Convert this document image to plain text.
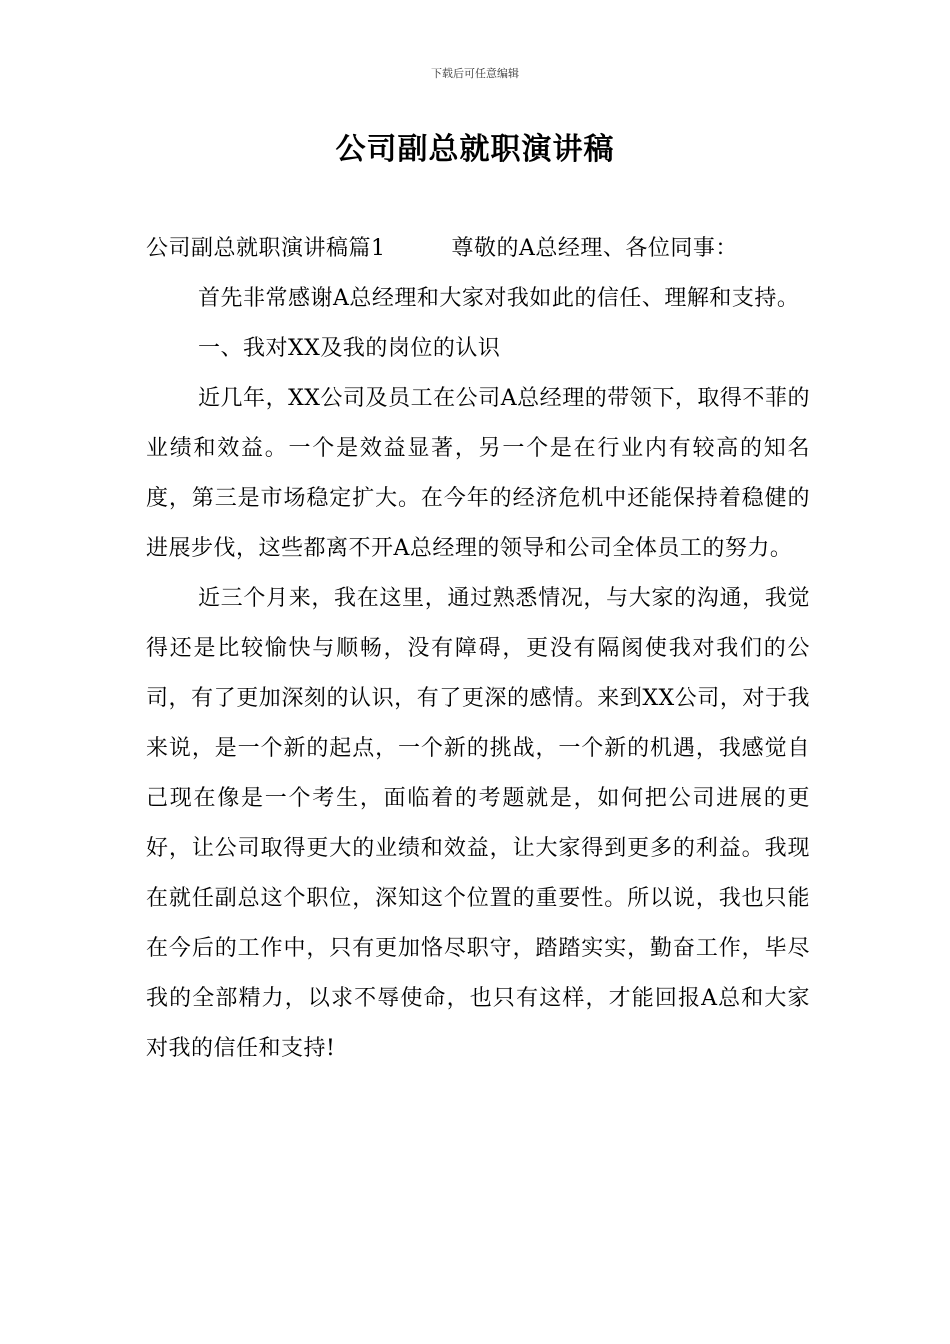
下载后可任意编辑
公司副总就职演讲稿

公司副总就职演讲稿篇1	尊敬的A总经理、各位同事：

首先非常感谢A总经理和大家对我如此的信任、理解和支持。

一、我对XX及我的岗位的认识

近几年，XX公司及员工在公司A总经理的带领下，取得不菲的业绩和效益。一个是效益显著，另一个是在行业内有较高的知名度，第三是市场稳定扩大。在今年的经济危机中还能保持着稳健的进展步伐，这些都离不开A总经理的领导和公司全体员工的努力。

近三个月来，我在这里，通过熟悉情况，与大家的沟通，我觉得还是比较愉快与顺畅，没有障碍，更没有隔阂使我对我们的公司，有了更加深刻的认识，有了更深的感情。来到XX公司，对于我来说，是一个新的起点，一个新的挑战，一个新的机遇，我感觉自己现在像是一个考生，面临着的考题就是，如何把公司进展的更好，让公司取得更大的业绩和效益，让大家得到更多的利益。我现在就任副总这个职位，深知这个位置的重要性。所以说，我也只能在今后的工作中，只有更加恪尽职守，踏踏实实，勤奋工作，毕尽我的全部精力，以求不辱使命，也只有这样，才能回报A总和大家对我的信任和支持!
